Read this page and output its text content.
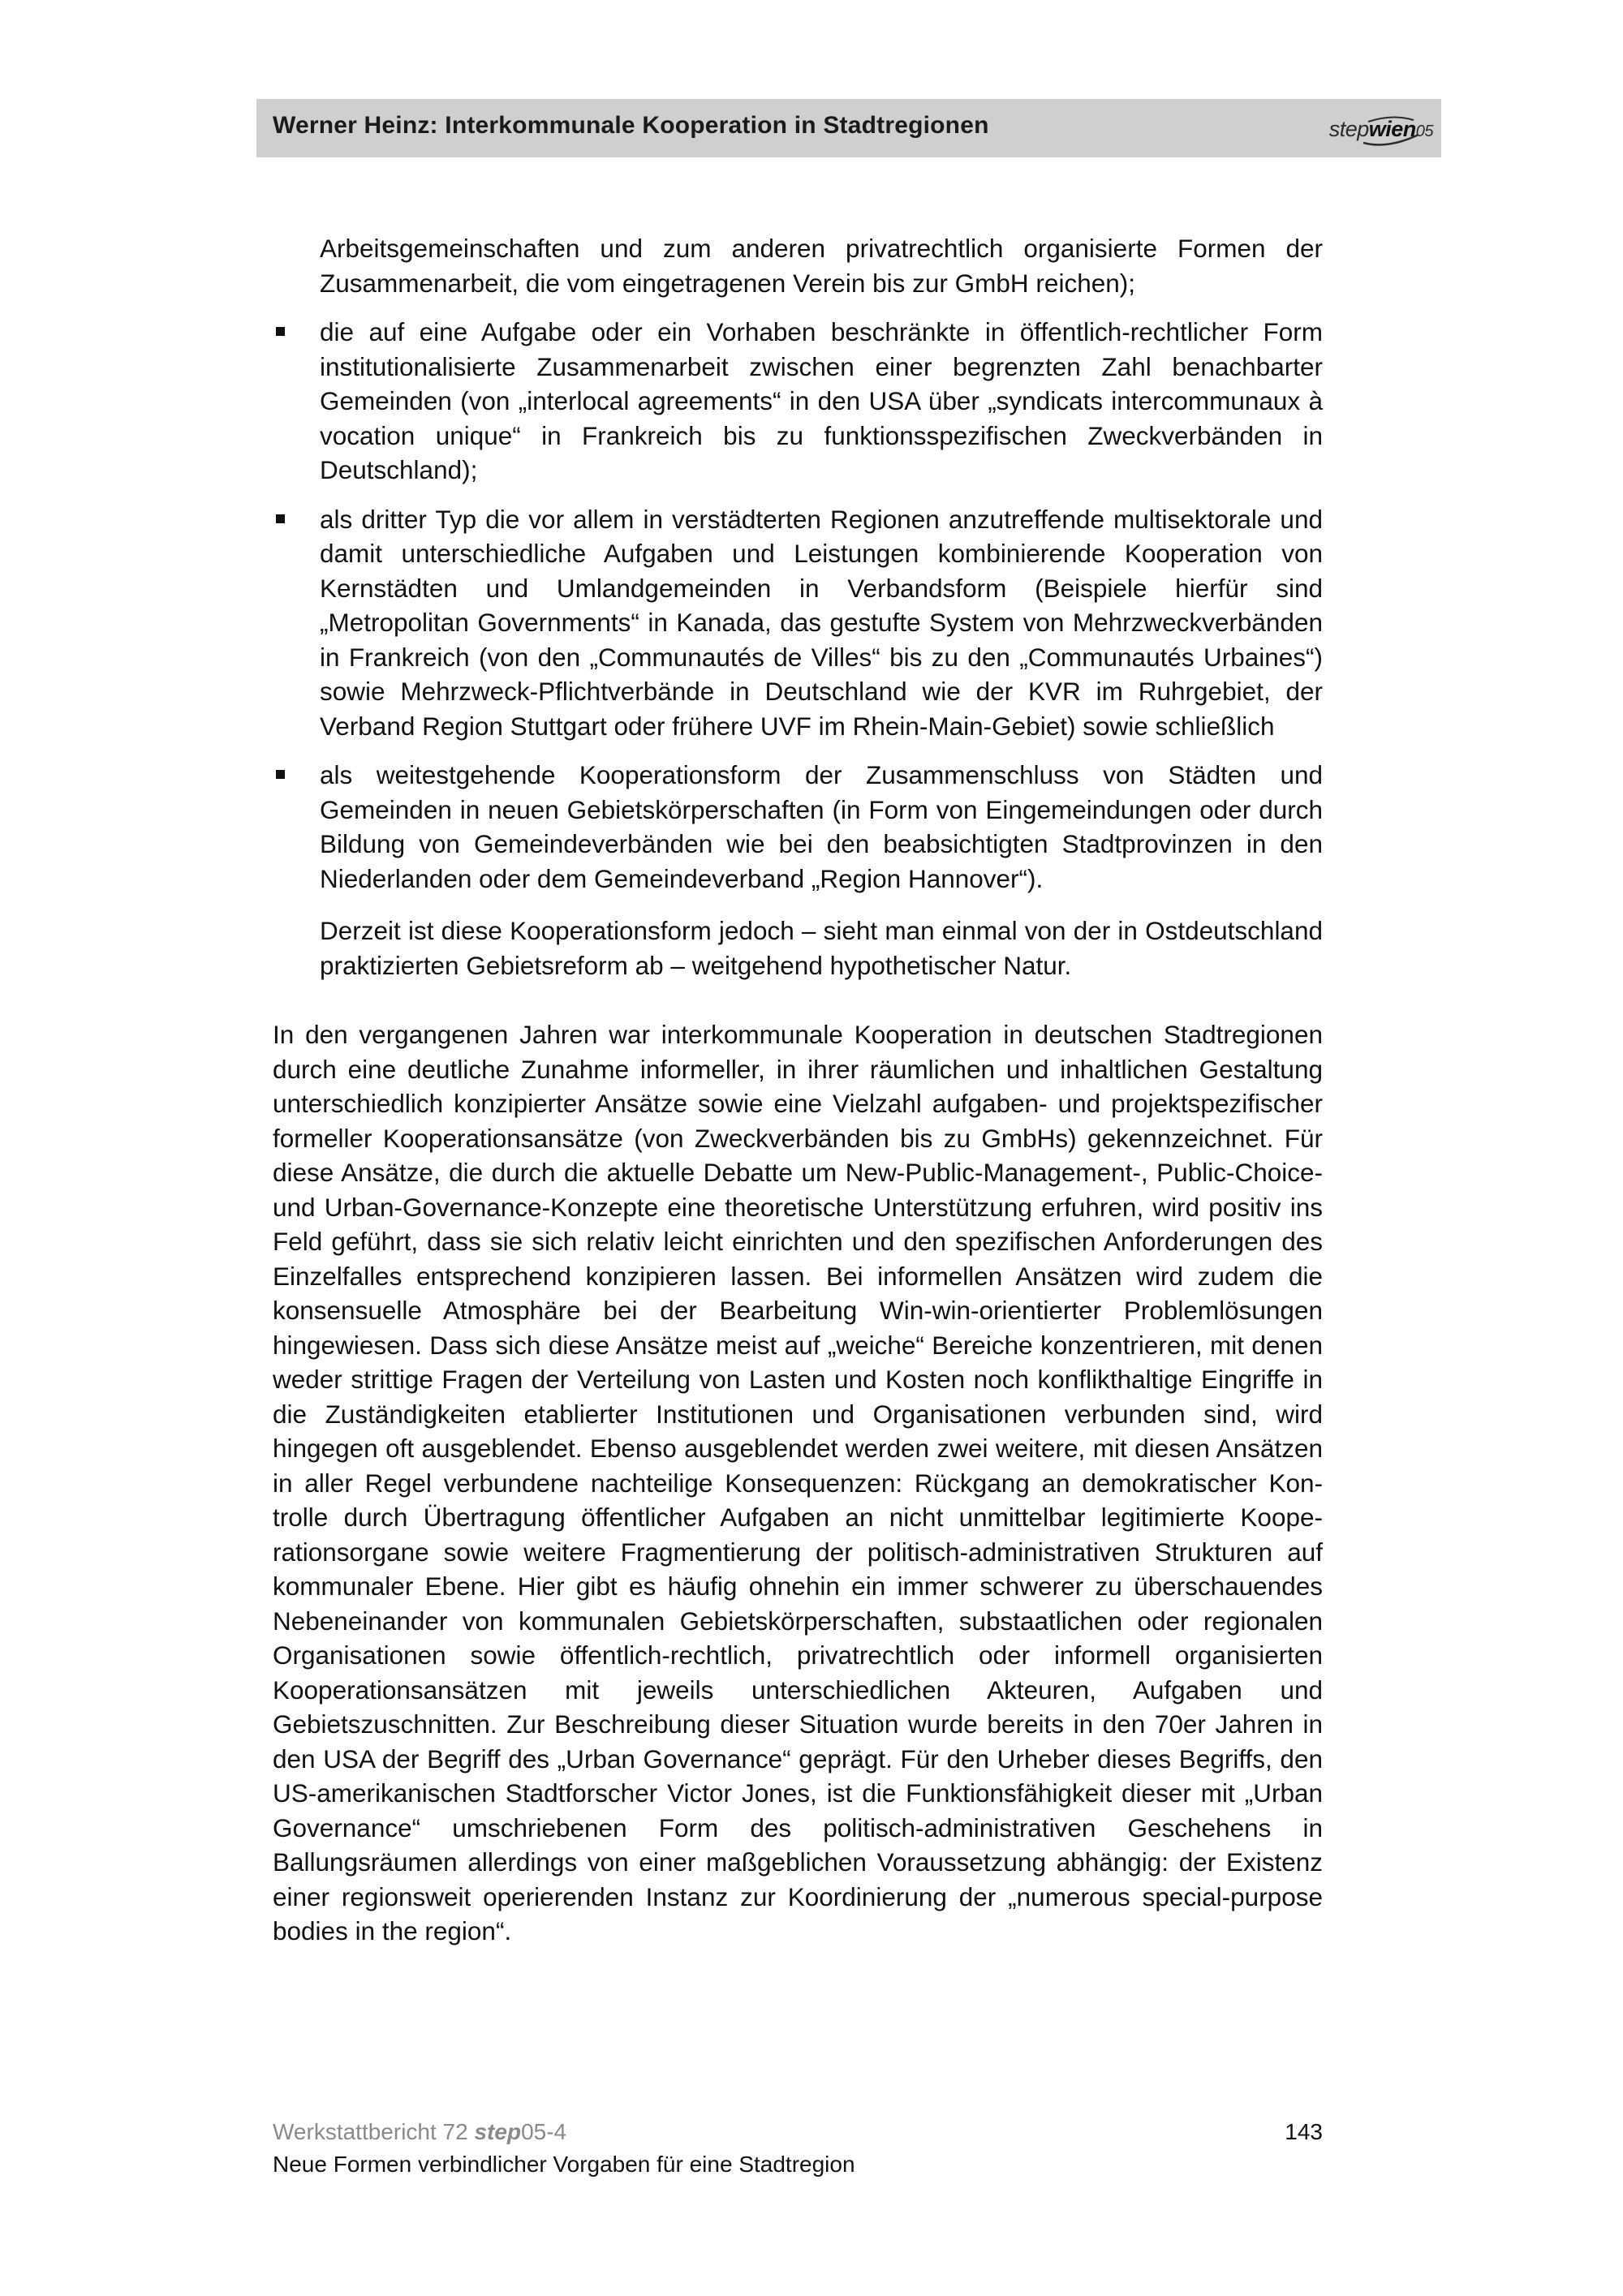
Werner Heinz: Interkommunale Kooperation in Stadtregionen	stepwien05

Arbeitsgemeinschaften und zum anderen privatrechtlich organisierte Formen der Zusammenarbeit, die vom eingetragenen Verein bis zur GmbH reichen);

die auf eine Aufgabe oder ein Vorhaben beschränkte in öffentlich-rechtlicher Form institutionalisierte Zusammenarbeit zwischen einer begrenzten Zahl benachbarter Gemeinden (von „interlocal agreements“ in den USA über „syndicats intercommunaux à vocation unique“ in Frankreich bis zu funktionsspezifischen Zweckverbänden in Deutschland);
als dritter Typ die vor allem in verstädterten Regionen anzutreffende multisektorale und damit unterschiedliche Aufgaben und Leistungen kombinierende Kooperation von Kernstädten und Umlandgemeinden in Verbandsform (Beispiele hierfür sind „Metropolitan Governments“ in Kanada, das gestufte System von Mehrzweckverbänden in Frankreich (von den „Communautés de Villes“ bis zu den „Communautés Urbaines“) sowie Mehrzweck-Pflichtverbände in Deutschland wie der KVR im Ruhrgebiet, der Verband Region Stuttgart oder frühere UVF im Rhein-Main-Gebiet) sowie schließlich
als weitestgehende Kooperationsform der Zusammenschluss von Städten und Gemeinden in neuen Gebietskörperschaften (in Form von Eingemeindungen oder durch Bildung von Gemeindeverbänden wie bei den beabsichtigten Stadtprovinzen in den Niederlanden oder dem Gemeindeverband „Region Hannover“).

Derzeit ist diese Kooperationsform jedoch – sieht man einmal von der in Ostdeutschland praktizierten Gebietsreform ab – weitgehend hypothetischer Natur.

In den vergangenen Jahren war interkommunale Kooperation in deutschen Stadtregionen durch eine deutliche Zunahme informeller, in ihrer räumlichen und inhaltlichen Gestaltung unterschiedlich konzipierter Ansätze sowie eine Vielzahl aufgaben- und projektspezifischer formeller Kooperationsansätze (von Zweckverbänden bis zu GmbHs) gekennzeichnet. Für diese Ansätze, die durch die aktuelle Debatte um New-Public-Management-, Public-Choice- und Urban-Governance-Konzepte eine theoretische Unterstützung erfuhren, wird positiv ins Feld geführt, dass sie sich relativ leicht einrichten und den spezifischen Anforderungen des Einzelfalles entsprechend konzipieren lassen. Bei informellen Ansätzen wird zudem die konsensuelle Atmosphäre bei der Bearbeitung Win-win-orientierter Problemlösungen hingewiesen. Dass sich diese Ansätze meist auf „weiche“ Bereiche konzentrieren, mit denen weder strittige Fragen der Verteilung von Lasten und Kosten noch konflikthaltige Eingriffe in die Zuständigkeiten etablierter Institutionen und Organisationen verbunden sind, wird hingegen oft ausgeblendet. Ebenso ausgeblendet werden zwei weitere, mit diesen Ansätzen in aller Regel verbundene nachteilige Konsequenzen: Rückgang an demokratischer Kontrolle durch Übertragung öffentlicher Aufgaben an nicht unmittelbar legitimierte Kooperationsorgane sowie weitere Fragmentierung der politisch-administrativen Strukturen auf kommunaler Ebene. Hier gibt es häufig ohnehin ein immer schwerer zu überschauendes Nebeneinander von kommunalen Gebietskörperschaften, substaatlichen oder regionalen Organisationen sowie öffentlich-rechtlich, privatrechtlich oder informell organisierten Kooperationsansätzen mit jeweils unterschiedlichen Akteuren, Aufgaben und Gebietszuschnitten. Zur Beschreibung dieser Situation wurde bereits in den 70er Jahren in den USA der Begriff des „Urban Governance“ geprägt. Für den Urheber dieses Begriffs, den US-amerikanischen Stadtforscher Victor Jones, ist die Funktionsfähigkeit dieser mit „Urban Governance“ umschriebenen Form des politisch-administrativen Geschehens in Ballungsräumen allerdings von einer maßgeblichen Voraussetzung abhängig: der Existenz einer regionsweit operierenden Instanz zur Koordinierung der „numerous special-purpose bodies in the region“.

Werkstattbericht 72 step05-4	143
Neue Formen verbindlicher Vorgaben für eine Stadtregion
